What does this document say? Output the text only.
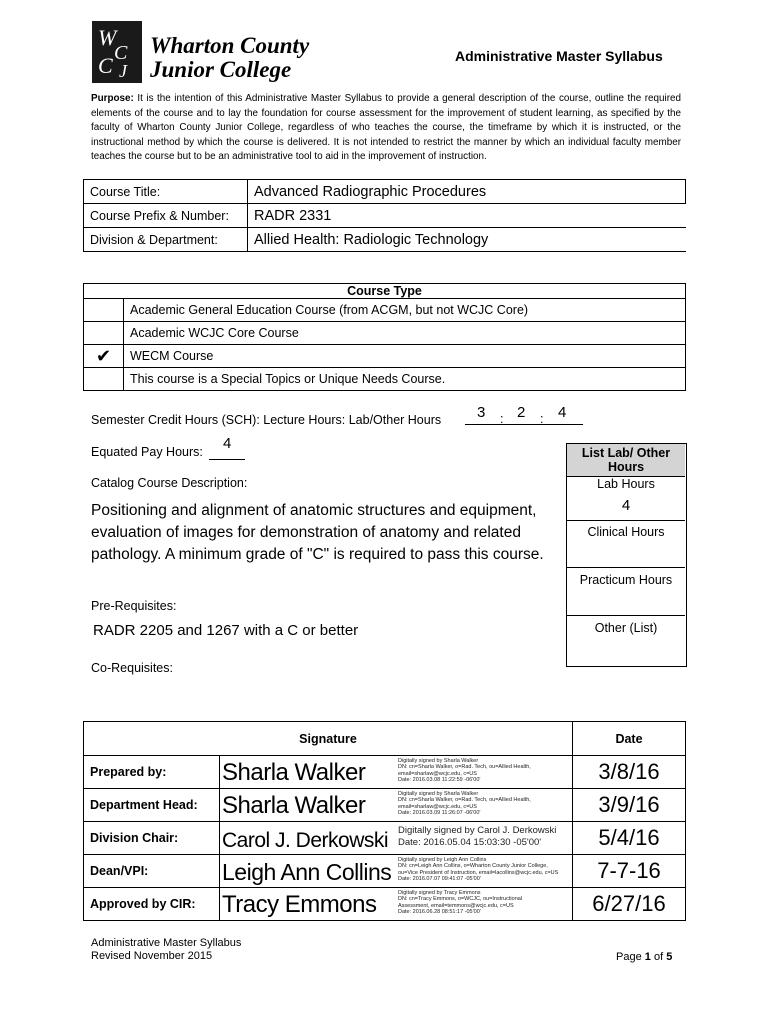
W
C
C J
Wharton County
Junior College
Administrative Master Syllabus
Purpose: It is the intention of this Administrative Master Syllabus to provide a general description of the course, outline the required elements of the course and to lay the foundation for course assessment for the improvement of student learning, as specified by the faculty of Wharton County Junior College, regardless of who teaches the course, the timeframe by which it is instructed, or the instructional method by which the course is delivered. It is not intended to restrict the manner by which an individual faculty member teaches the course but to be an administrative tool to aid in the improvement of instruction.
Course Title:	Advanced Radiographic Procedures
Course Prefix & Number:	RADR 2331
Division & Department:	Allied Health: Radiologic Technology
Course Type	
	Academic General Education Course (from ACGM, but not WCJC Core)
	Academic WCJC Core Course
✔	WECM Course
	This course is a Special Topics or Unique Needs Course.
Semester Credit Hours (SCH): Lecture Hours: Lab/Other Hours 3 : 2 : 4
Equated Pay Hours: 4
Catalog Course Description:
Positioning and alignment of anatomic structures and equipment, evaluation of images for demonstration of anatomy and related pathology. A minimum grade of "C" is required to pass this course.
Pre-Requisites:
RADR 2205 and 1267 with a C or better
Co-Requisites:
List Lab/ Other Hours
Lab Hours
4
Clinical Hours
Practicum Hours
Other (List)
Signature		Date
Prepared by:	Sharla Walker Digitally signed by Sharla Walker
DN: cn=Sharla Walker, o=Rad. Tech, ou=Allied Health,
email=sharlaw@wcjc.edu, c=US
Date: 2016.03.08 11:22:59 -06'00'	3/8/16
Department Head:	Sharla Walker Digitally signed by Sharla Walker
DN: cn=Sharla Walker, o=Rad. Tech, ou=Allied Health,
email=sharlaw@wcjc.edu, c=US
Date: 2016.03.09 11:26:07 -06'00'	3/9/16
Division Chair:	Carol J. Derkowski Digitally signed by Carol J. Derkowski
Date: 2016.05.04 15:03:30 -05'00'	5/4/16
Dean/VPI:	Leigh Ann Collins Digitally signed by Leigh Ann Collins
DN: cn=Leigh Ann Collins, o=Wharton County Junior College,
ou=Vice President of Instruction, email=lacollins@wcjc.edu, c=US
Date: 2016.07.07 09:41:07 -05'00'	7-7-16
Approved by CIR:	Tracy Emmons Digitally signed by Tracy Emmons
DN: cn=Tracy Emmons, o=WCJC, ou=Instructional
Assessment, email=temmons@wcjc.edu, c=US
Date: 2016.06.28 08:51:17 -05'00'	6/27/16
Administrative Master Syllabus
Revised November 2015	Page 1 of 5
